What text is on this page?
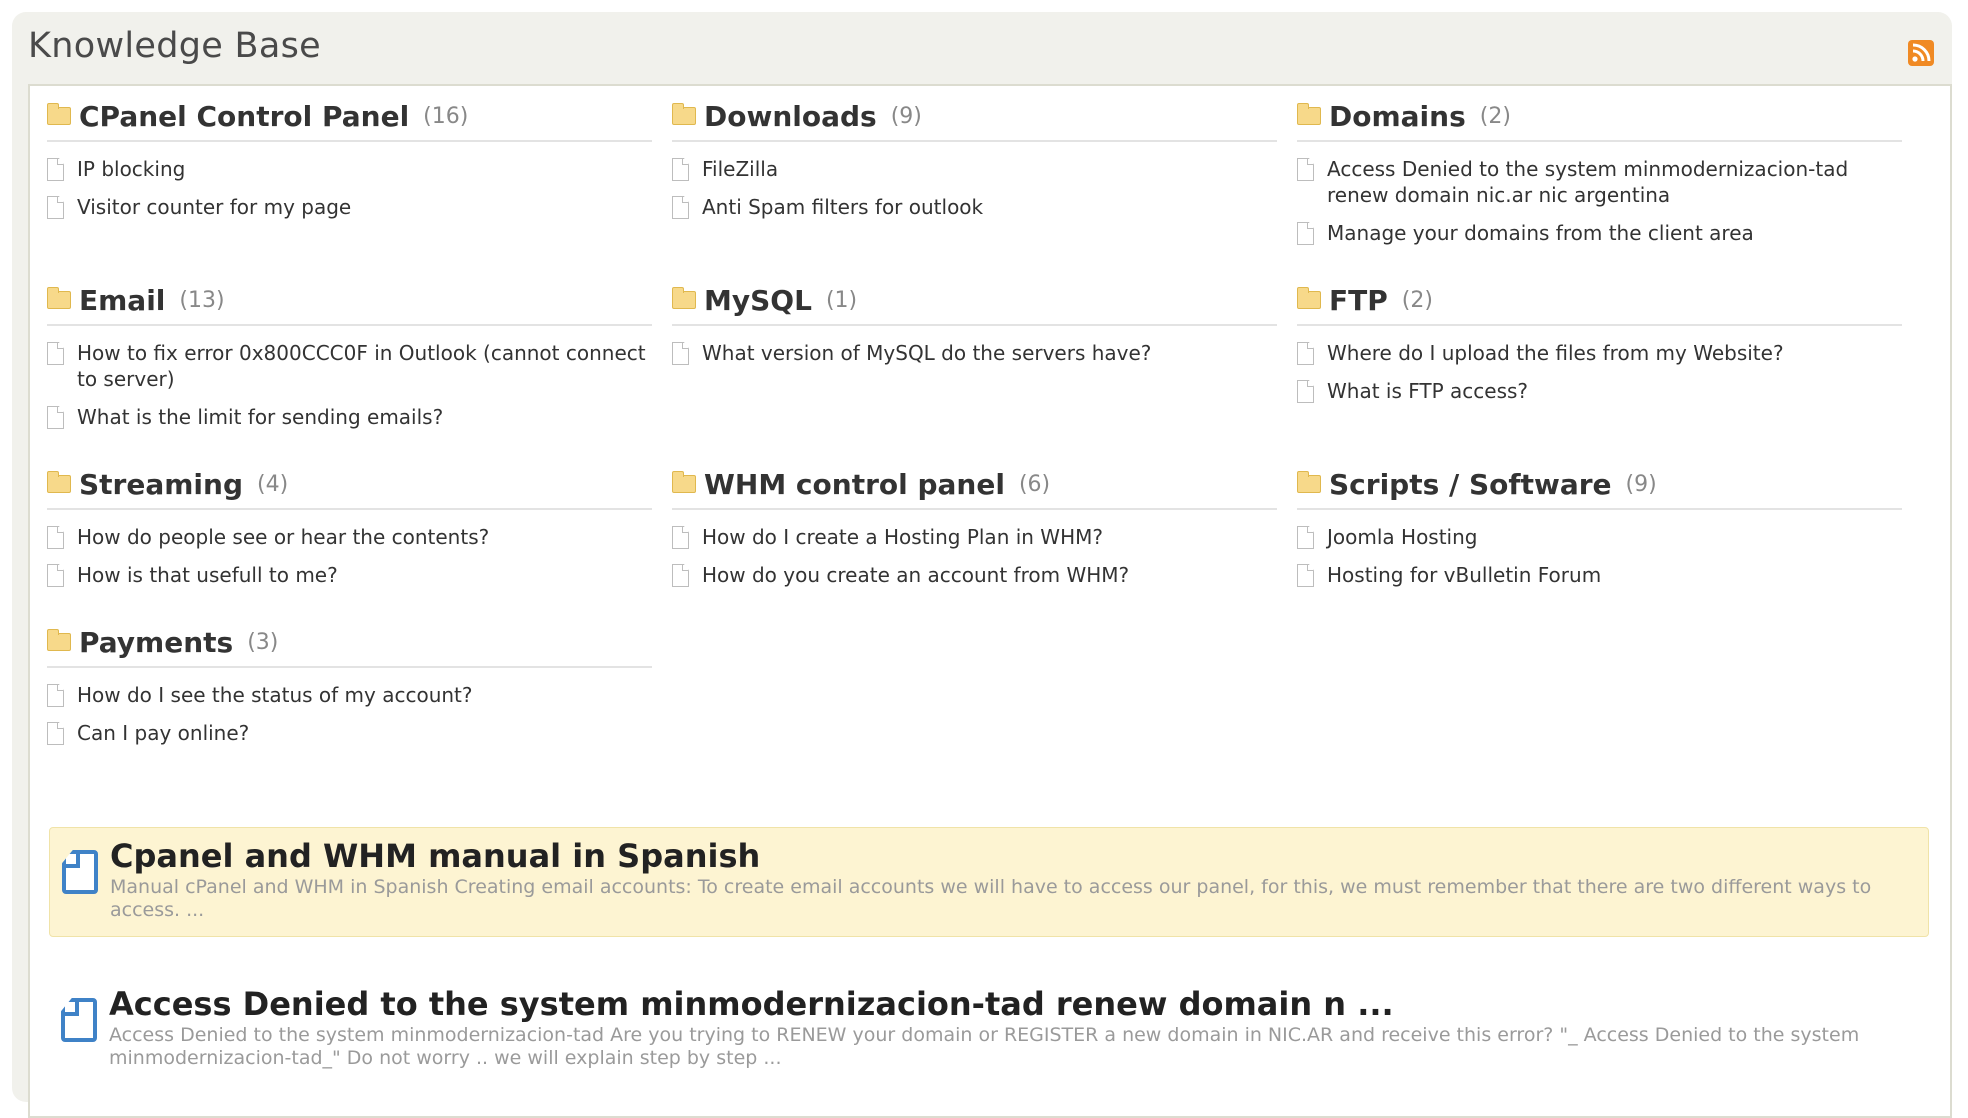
Knowledge Base
CPanel Control Panel (16)
IP blocking
Visitor counter for my page
Downloads (9)
FileZilla
Anti Spam filters for outlook
Domains (2)
Access Denied to the system minmodernizacion-tad renew domain nic.ar nic argentina
Manage your domains from the client area
Email (13)
How to fix error 0x800CCC0F in Outlook (cannot connect to server)
What is the limit for sending emails?
MySQL (1)
What version of MySQL do the servers have?
FTP (2)
Where do I upload the files from my Website?
What is FTP access?
Streaming (4)
How do people see or hear the contents?
How is that usefull to me?
WHM control panel (6)
How do I create a Hosting Plan in WHM?
How do you create an account from WHM?
Scripts / Software (9)
Joomla Hosting
Hosting for vBulletin Forum
Payments (3)
How do I see the status of my account?
Can I pay online?
Cpanel and WHM manual in Spanish
Manual cPanel and WHM in Spanish Creating email accounts: To create email accounts we will have to access our panel, for this, we must remember that there are two different ways to access. ...
Access Denied to the system minmodernizacion-tad renew domain n ...
Access Denied to the system minmodernizacion-tad Are you trying to RENEW your domain or REGISTER a new domain in NIC.AR and receive this error? "_ Access Denied to the system minmodernizacion-tad_" Do not worry .. we will explain step by step ...
